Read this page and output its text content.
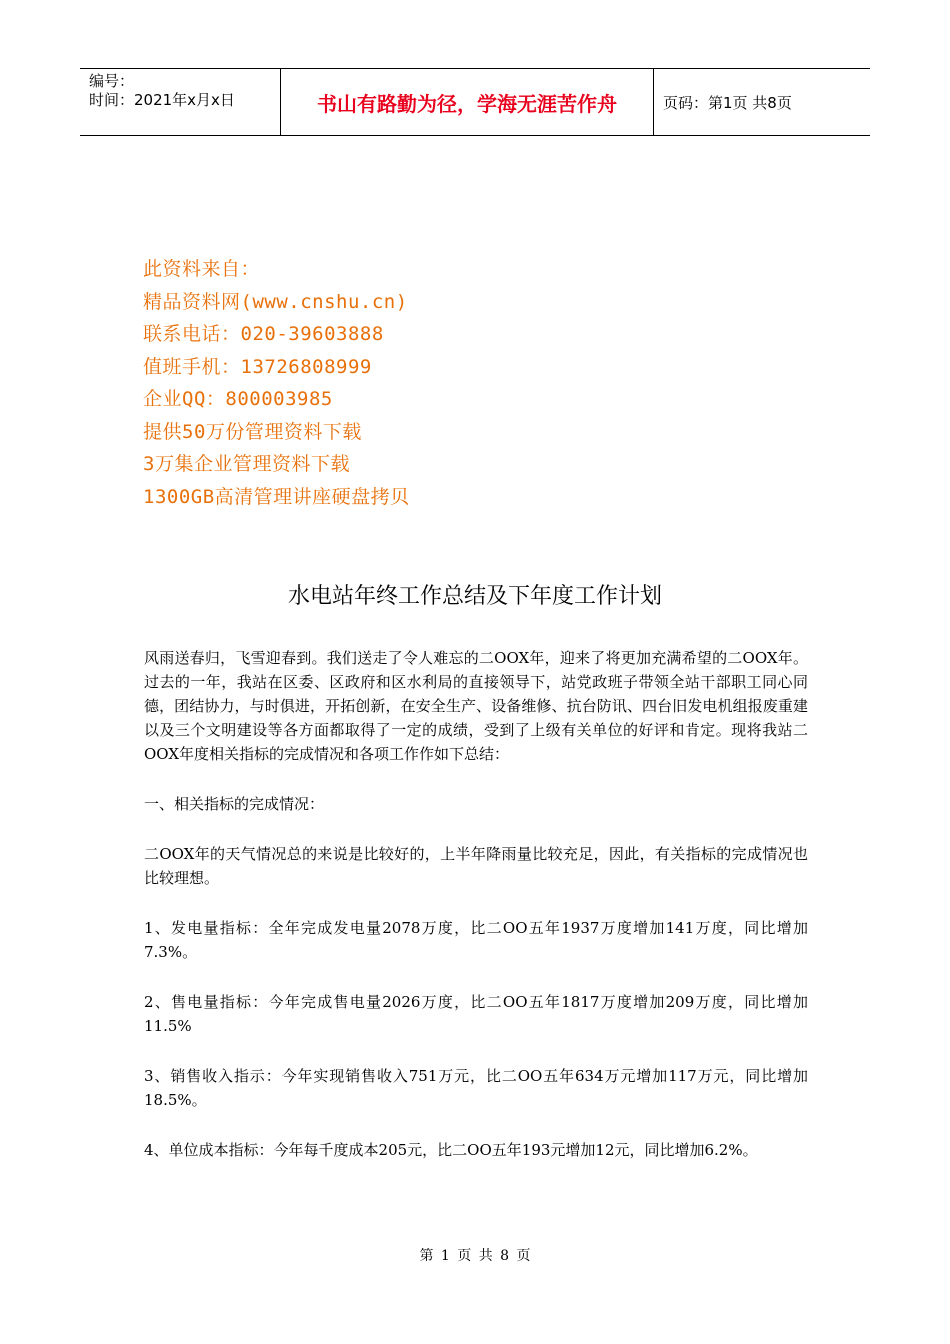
编号：
时间：2021年x月x日	书山有路勤为径，学海无涯苦作舟	页码：第1页 共8页
此资料来自：
精品资料网(www.cnshu.cn)
联系电话：020-39603888
值班手机：13726808999
企业QQ：800003985
提供50万份管理资料下载
3万集企业管理资料下载
1300GB高清管理讲座硬盘拷贝
水电站年终工作总结及下年度工作计划

风雨送春归，飞雪迎春到。我们送走了令人难忘的二OOX年，迎来了将更加充满希望的二OOX年。过去的一年，我站在区委、区政府和区水利局的直接领导下，站党政班子带领全站干部职工同心同德，团结协力，与时俱进，开拓创新，在安全生产、设备维修、抗台防讯、四台旧发电机组报废重建以及三个文明建设等各方面都取得了一定的成绩，受到了上级有关单位的好评和肯定。现将我站二OOX年度相关指标的完成情况和各项工作作如下总结：

一、相关指标的完成情况：

二OOX年的天气情况总的来说是比较好的，上半年降雨量比较充足，因此，有关指标的完成情况也比较理想。

1、发电量指标：全年完成发电量2078万度，比二OO五年1937万度增加141万度，同比增加7.3%。

2、售电量指标：今年完成售电量2026万度，比二OO五年1817万度增加209万度，同比增加11.5%

3、销售收入指示：今年实现销售收入751万元，比二OO五年634万元增加117万元，同比增加18.5%。

4、单位成本指标：今年每千度成本205元，比二OO五年193元增加12元，同比增加6.2%。

第 1 页 共 8 页
